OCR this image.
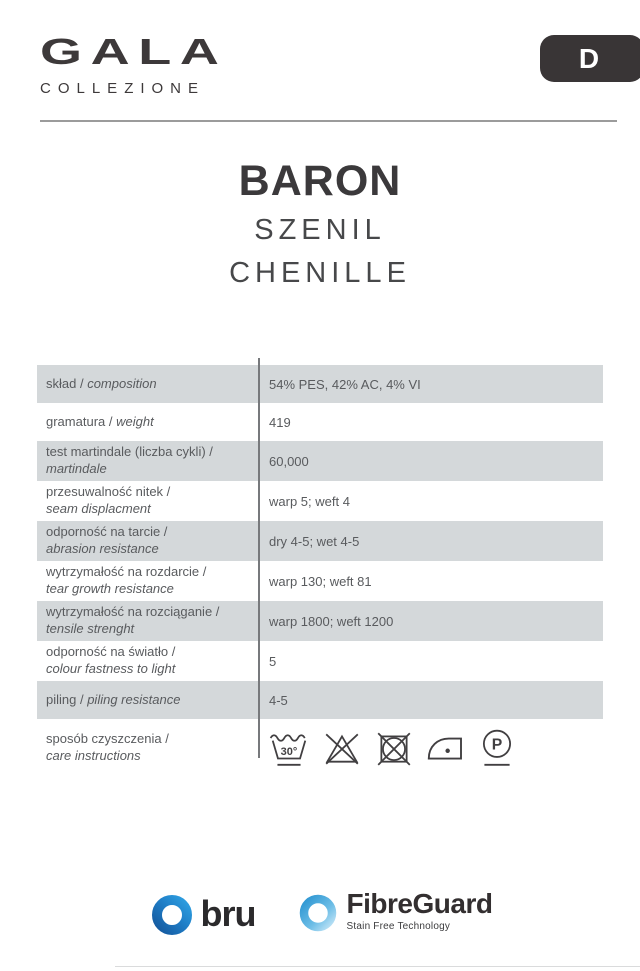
GALA
COLLEZIONE
D
BARON
SZENIL
CHENILLE
skład / composition	54% PES, 42% AC, 4% VI
gramatura / weight	419
test martindale (liczba cykli) /
martindale	60,000
przesuwalność nitek /
seam displacment	warp 5; weft 4
odporność na tarcie /
abrasion resistance	dry 4-5; wet 4-5
wytrzymałość na rozdarcie /
tear growth resistance	warp 130; weft 81
wytrzymałość na rozciąganie /
tensile strenght	warp 1800; weft 1200
odporność na światło /
colour fastness to light	5
piling / piling resistance	4-5
sposób czyszczenia /
care instructions	30°	P
bru	FibreGuard
Stain Free Technology
